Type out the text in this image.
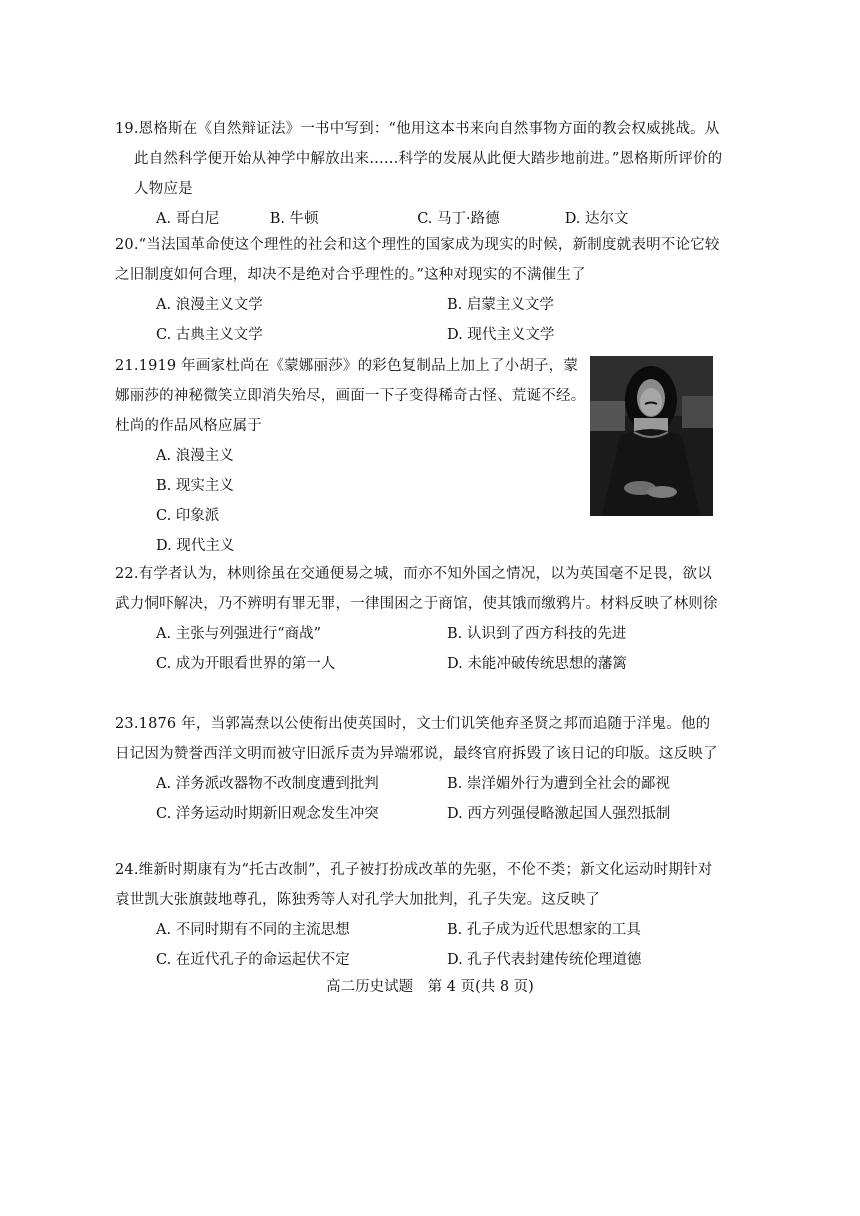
19.恩格斯在《自然辩证法》一书中写到：“他用这本书来向自然事物方面的教会权威挑战。从此自然科学便开始从神学中解放出来……科学的发展从此便大踏步地前进。”恩格斯所评价的人物应是

A. 哥白尼	B. 牛顿	C. 马丁·路德	D. 达尔文

20.“当法国革命使这个理性的社会和这个理性的国家成为现实的时候，新制度就表明不论它较之旧制度如何合理，却决不是绝对合乎理性的。”这种对现实的不满催生了

A. 浪漫主义文学	B. 启蒙主义文学
C. 古典主义文学	D. 现代主义文学

21.1919 年画家杜尚在《蒙娜丽莎》的彩色复制品上加上了小胡子，蒙娜丽莎的神秘微笑立即消失殆尽，画面一下子变得稀奇古怪、荒诞不经。杜尚的作品风格应属于

A. 浪漫主义
B. 现实主义
C. 印象派
D. 现代主义

22.有学者认为，林则徐虽在交通便易之城，而亦不知外国之情况，以为英国毫不足畏，欲以武力恫吓解决，乃不辨明有罪无罪，一律围困之于商馆，使其饿而缴鸦片。材料反映了林则徐

A. 主张与列强进行“商战”	B. 认识到了西方科技的先进
C. 成为开眼看世界的第一人	D. 未能冲破传统思想的藩篱

23.1876 年，当郭嵩焘以公使衔出使英国时，文士们讥笑他弃圣贤之邦而追随于洋鬼。他的日记因为赞誉西洋文明而被守旧派斥责为异端邪说，最终官府拆毁了该日记的印版。这反映了

A. 洋务派改器物不改制度遭到批判	B. 崇洋媚外行为遭到全社会的鄙视
C. 洋务运动时期新旧观念发生冲突	D. 西方列强侵略激起国人强烈抵制

24.维新时期康有为“托古改制”，孔子被打扮成改革的先驱，不伦不类；新文化运动时期针对袁世凯大张旗鼓地尊孔，陈独秀等人对孔学大加批判，孔子失宠。这反映了

A. 不同时期有不同的主流思想	B. 孔子成为近代思想家的工具
C. 在近代孔子的命运起伏不定	D. 孔子代表封建传统伦理道德
高二历史试题　第 4 页(共 8 页)
